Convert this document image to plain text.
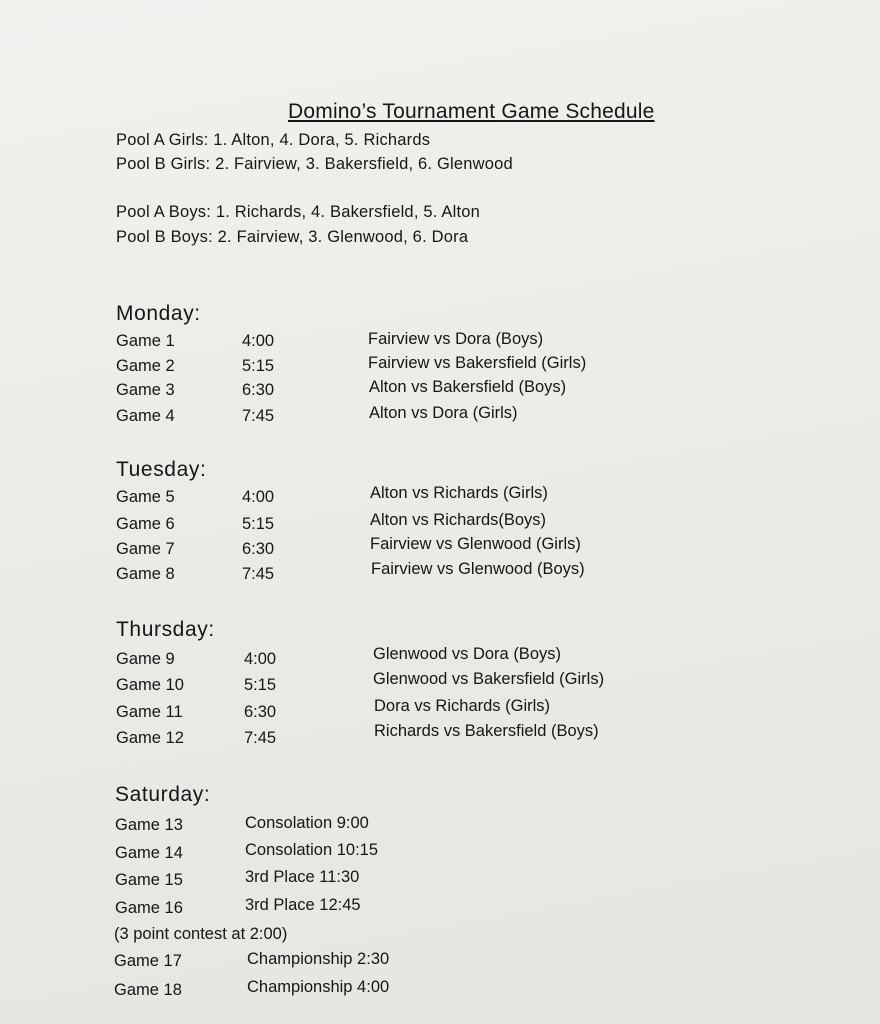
Domino’s Tournament Game Schedule
Pool A Girls: 1. Alton, 4. Dora, 5. Richards
Pool B Girls: 2. Fairview, 3. Bakersfield, 6. Glenwood
Pool A Boys: 1. Richards, 4. Bakersfield, 5. Alton
Pool B Boys: 2. Fairview, 3. Glenwood, 6. Dora
Monday:
Game 1	4:00	Fairview vs Dora (Boys)
Game 2	5:15	Fairview vs Bakersfield (Girls)
Game 3	6:30	Alton vs Bakersfield (Boys)
Game 4	7:45	Alton vs Dora (Girls)
Tuesday:
Game 5	4:00	Alton vs Richards (Girls)
Game 6	5:15	Alton vs Richards(Boys)
Game 7	6:30	Fairview vs Glenwood (Girls)
Game 8	7:45	Fairview vs Glenwood (Boys)
Thursday:
Game 9	4:00	Glenwood vs Dora (Boys)
Game 10	5:15	Glenwood vs Bakersfield (Girls)
Game 11	6:30	Dora vs Richards (Girls)
Game 12	7:45	Richards vs Bakersfield (Boys)
Saturday:
Game 13	Consolation 9:00
Game 14	Consolation 10:15
Game 15	3rd Place 11:30
Game 16	3rd Place 12:45
(3 point contest at 2:00)
Game 17	Championship 2:30
Game 18	Championship 4:00
